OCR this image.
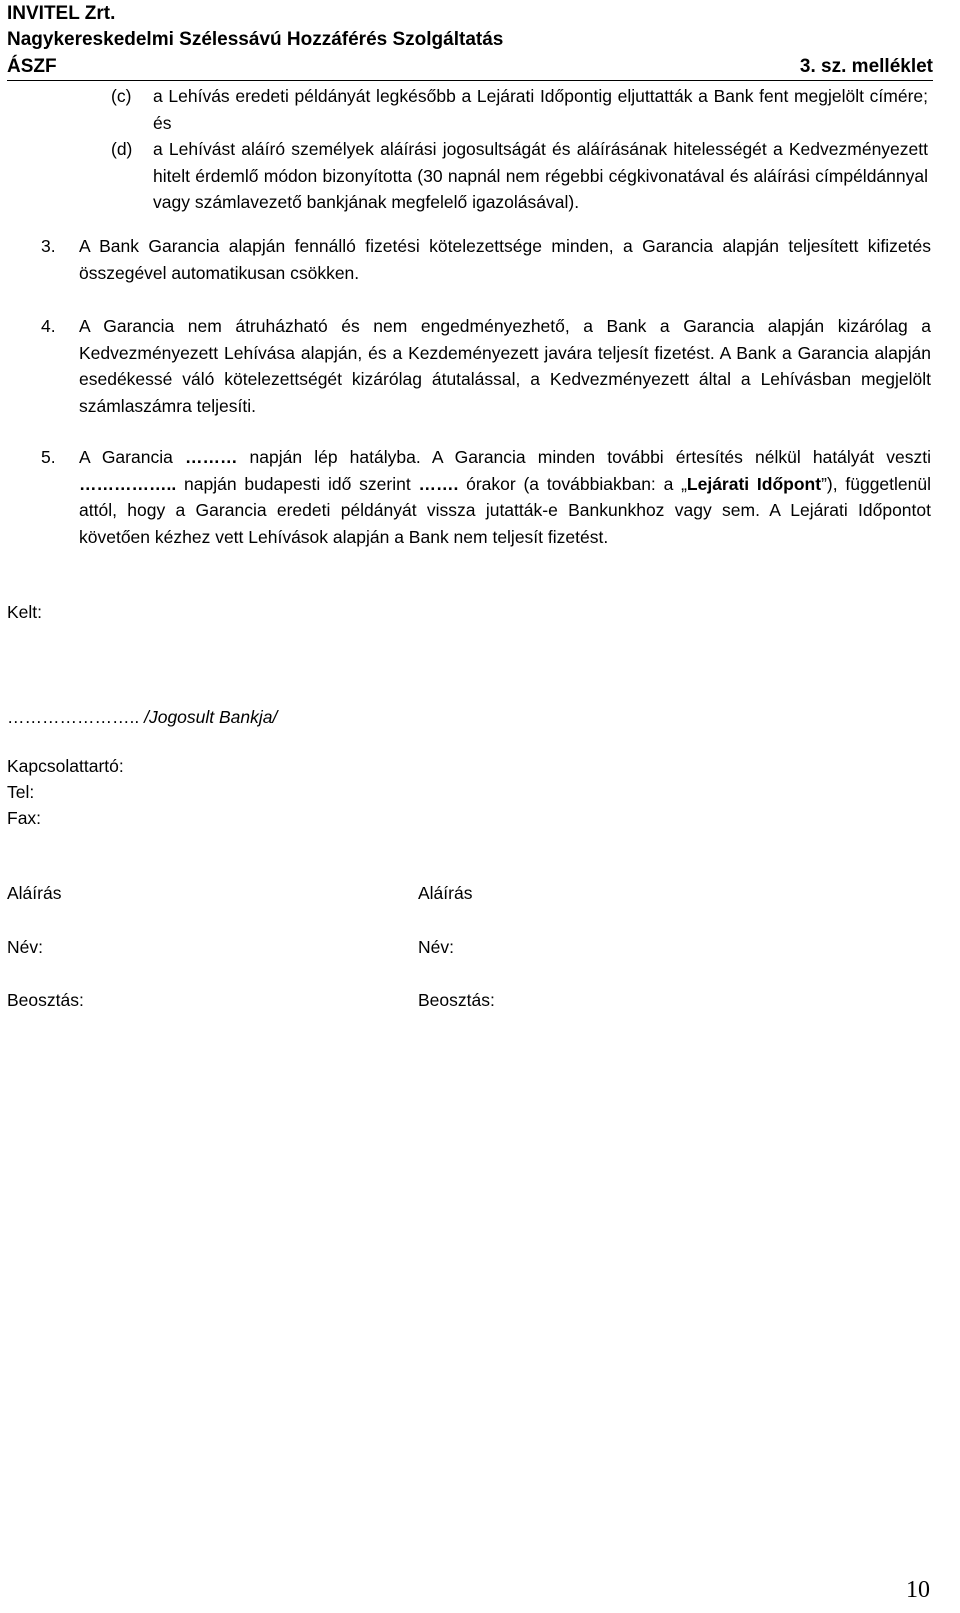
INVITEL Zrt.
Nagykereskedelmi Szélessávú Hozzáférés Szolgáltatás
ÁSZF	3. sz. melléklet
(c) a Lehívás eredeti példányát legkésőbb a Lejárati Időpontig eljuttatták a Bank fent megjelölt címére; és
(d) a Lehívást aláíró személyek aláírási jogosultságát és aláírásának hitelességét a Kedvezményezett hitelt érdemlő módon bizonyította (30 napnál nem régebbi cégkivonatával és aláírási címpéldánnyal vagy számlavezető bankjának megfelelő igazolásával).
3. A Bank Garancia alapján fennálló fizetési kötelezettsége minden, a Garancia alapján teljesített kifizetés összegével automatikusan csökken.
4. A Garancia nem átruházható és nem engedményezhető, a Bank a Garancia alapján kizárólag a Kedvezményezett Lehívása alapján, és a Kezdeményezett javára teljesít fizetést. A Bank a Garancia alapján esedékessé váló kötelezettségét kizárólag átutalással, a Kedvezményezett által a Lehívásban megjelölt számlaszámra teljesíti.
5. A Garancia ……… napján lép hatályba. A Garancia minden további értesítés nélkül hatályát veszti …………….. napján budapesti idő szerint ……. órakor (a továbbiakban: a „Lejárati Időpont”), függetlenül attól, hogy a Garancia eredeti példányát vissza jutatták-e Bankunkhoz vagy sem. A Lejárati Időpontot követően kézhez vett Lehívások alapján a Bank nem teljesít fizetést.
Kelt:
………………….. /Jogosult Bankja/
Kapcsolattartó:
Tel:
Fax:
Aláírás
Név:
Beosztás:
Aláírás
Név:
Beosztás:
10
